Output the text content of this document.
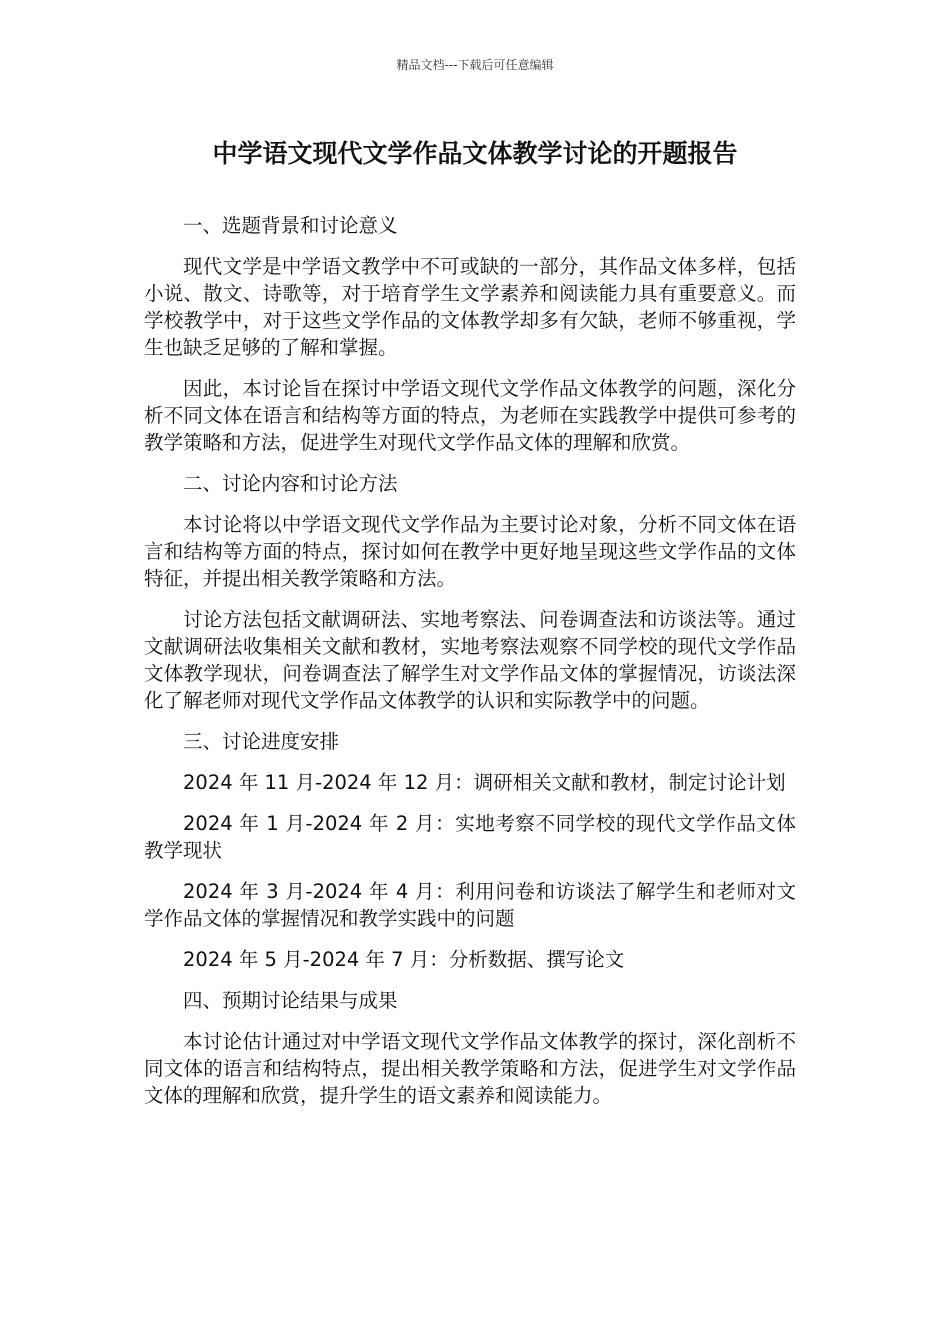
精品文档---下载后可任意编辑
中学语文现代文学作品文体教学讨论的开题报告

一、选题背景和讨论意义

现代文学是中学语文教学中不可或缺的一部分，其作品文体多样，包括小说、散文、诗歌等，对于培育学生文学素养和阅读能力具有重要意义。而学校教学中，对于这些文学作品的文体教学却多有欠缺，老师不够重视，学生也缺乏足够的了解和掌握。

因此，本讨论旨在探讨中学语文现代文学作品文体教学的问题，深化分析不同文体在语言和结构等方面的特点，为老师在实践教学中提供可参考的教学策略和方法，促进学生对现代文学作品文体的理解和欣赏。

二、讨论内容和讨论方法

本讨论将以中学语文现代文学作品为主要讨论对象，分析不同文体在语言和结构等方面的特点，探讨如何在教学中更好地呈现这些文学作品的文体特征，并提出相关教学策略和方法。

讨论方法包括文献调研法、实地考察法、问卷调查法和访谈法等。通过文献调研法收集相关文献和教材，实地考察法观察不同学校的现代文学作品文体教学现状，问卷调查法了解学生对文学作品文体的掌握情况，访谈法深化了解老师对现代文学作品文体教学的认识和实际教学中的问题。

三、讨论进度安排

2024 年 11 月-2024 年 12 月：调研相关文献和教材，制定讨论计划

2024 年 1 月-2024 年 2 月：实地考察不同学校的现代文学作品文体教学现状

2024 年 3 月-2024 年 4 月：利用问卷和访谈法了解学生和老师对文学作品文体的掌握情况和教学实践中的问题

2024 年 5 月-2024 年 7 月：分析数据、撰写论文

四、预期讨论结果与成果

本讨论估计通过对中学语文现代文学作品文体教学的探讨，深化剖析不同文体的语言和结构特点，提出相关教学策略和方法，促进学生对文学作品文体的理解和欣赏，提升学生的语文素养和阅读能力。
